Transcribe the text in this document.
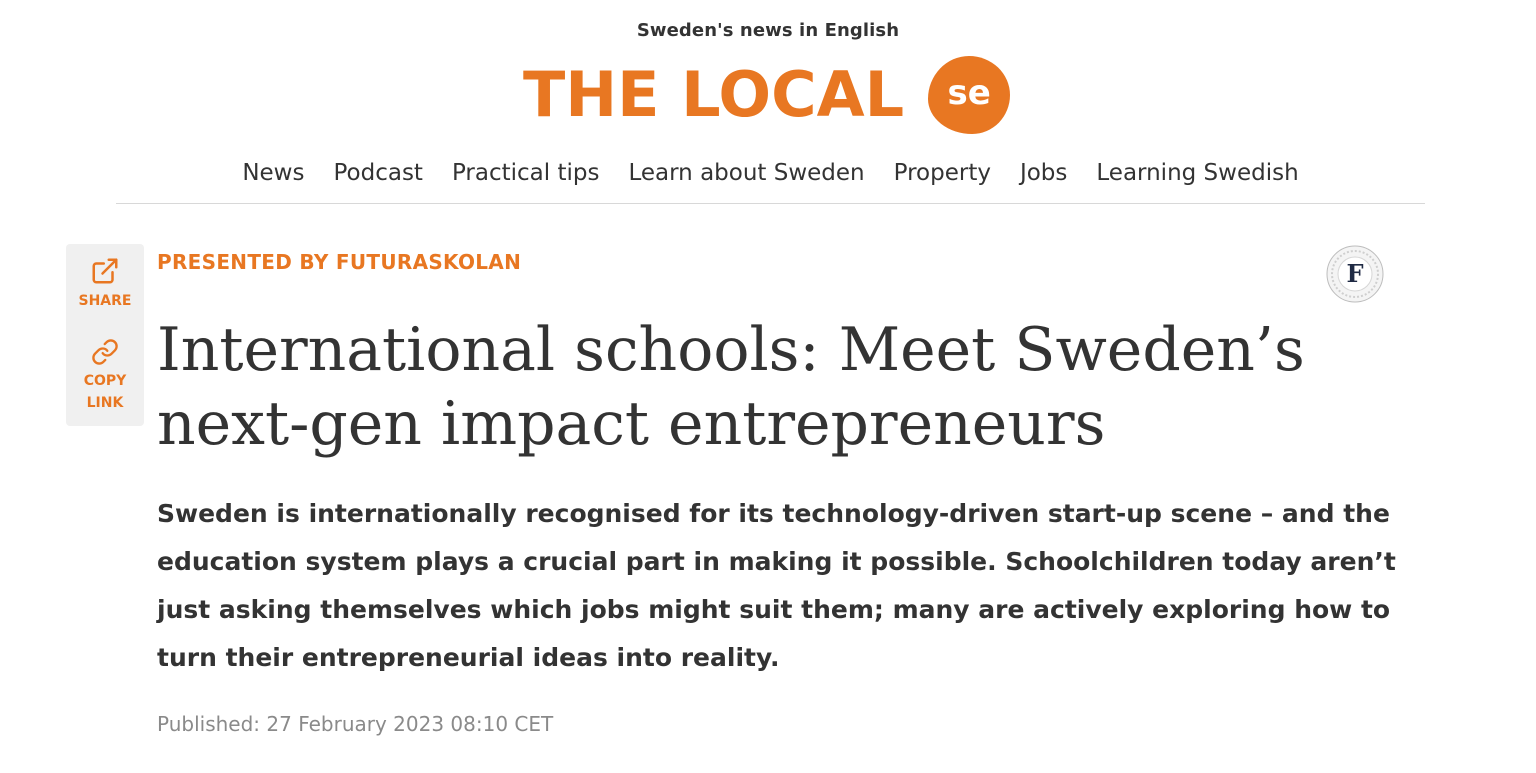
Sweden's news in English
THE LOCAL	se
News Podcast Practical tips Learn about Sweden Property Jobs Learning Swedish
SHARE
COPY
LINK
PRESENTED BY FUTURASKOLAN	F
International schools: Meet Sweden’s next-gen impact entrepreneurs

Sweden is internationally recognised for its technology-driven start-up scene – and the education system plays a crucial part in making it possible. Schoolchildren today aren’t just asking themselves which jobs might suit them; many are actively exploring how to turn their entrepreneurial ideas into reality.

Published: 27 February 2023 08:10 CET
